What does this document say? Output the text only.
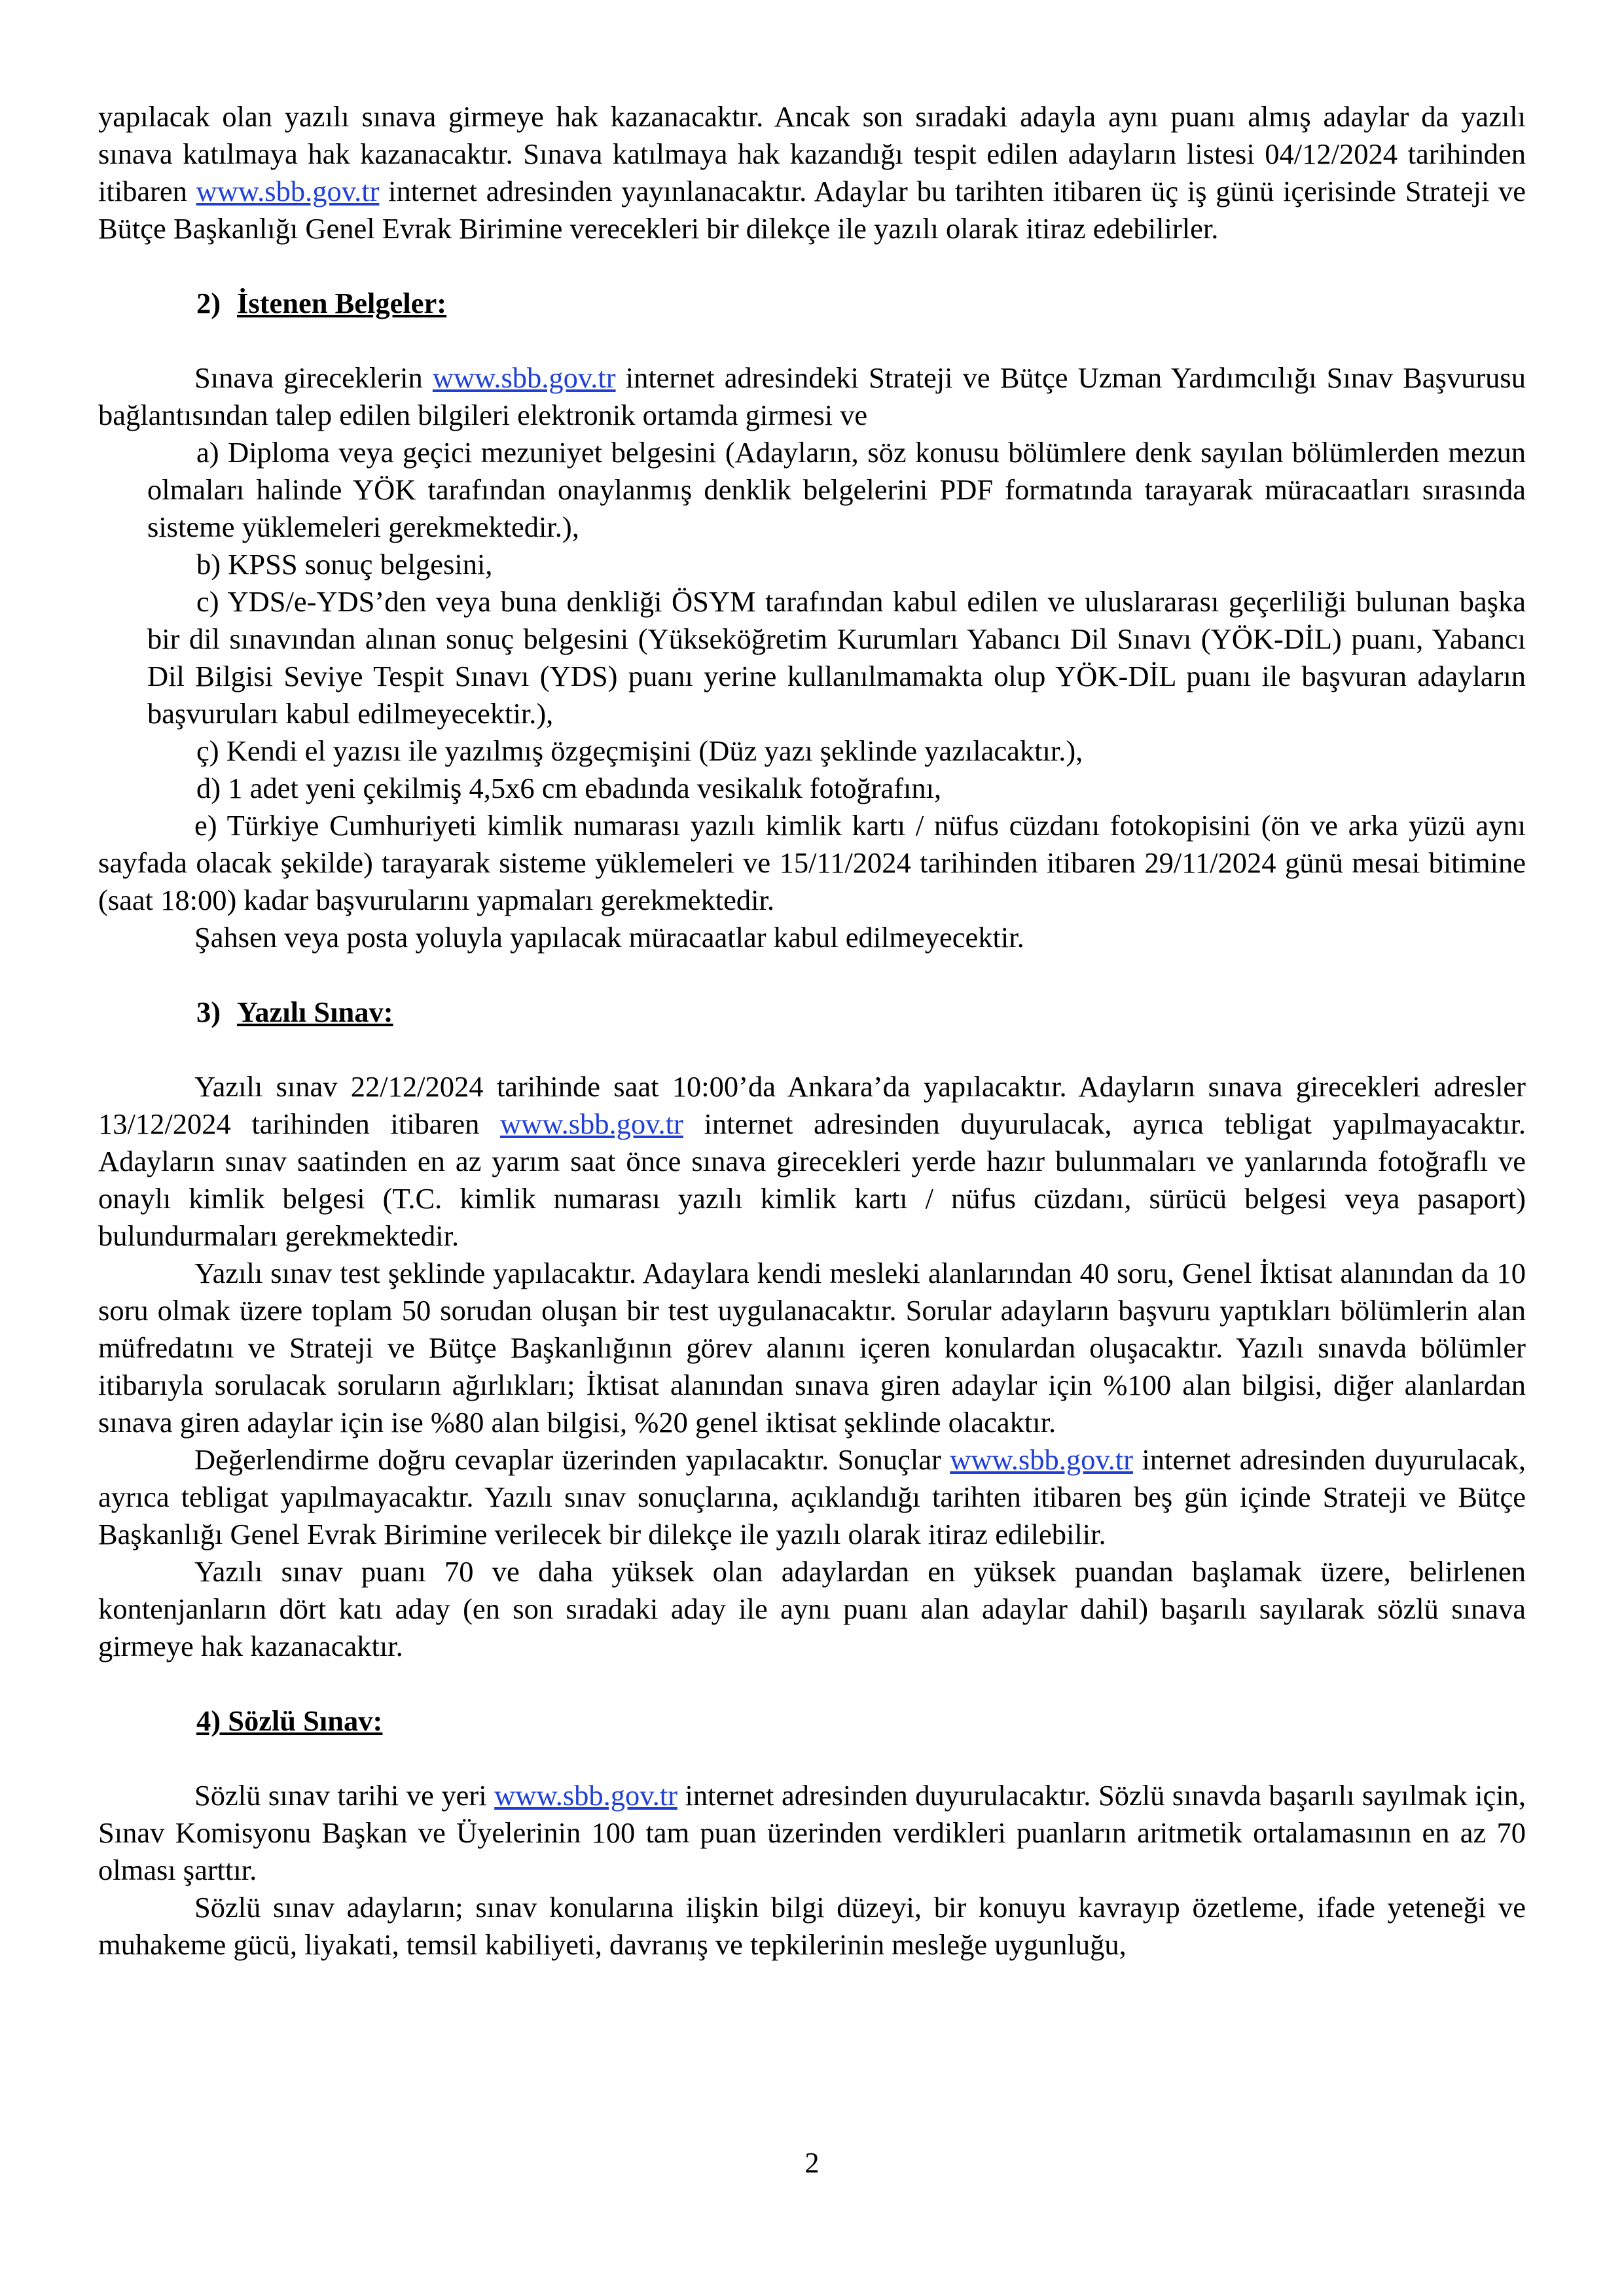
yapılacak olan yazılı sınava girmeye hak kazanacaktır. Ancak son sıradaki adayla aynı puanı almış adaylar da yazılı sınava katılmaya hak kazanacaktır. Sınava katılmaya hak kazandığı tespit edilen adayların listesi 04/12/2024 tarihinden itibaren www.sbb.gov.tr internet adresinden yayınlanacaktır. Adaylar bu tarihten itibaren üç iş günü içerisinde Strateji ve Bütçe Başkanlığı Genel Evrak Birimine verecekleri bir dilekçe ile yazılı olarak itiraz edebilirler.

2) İstenen Belgeler:

Sınava gireceklerin www.sbb.gov.tr internet adresindeki Strateji ve Bütçe Uzman Yardımcılığı Sınav Başvurusu bağlantısından talep edilen bilgileri elektronik ortamda girmesi ve

a) Diploma veya geçici mezuniyet belgesini (Adayların, söz konusu bölümlere denk sayılan bölümlerden mezun olmaları halinde YÖK tarafından onaylanmış denklik belgelerini PDF formatında tarayarak müracaatları sırasında sisteme yüklemeleri gerekmektedir.),

b) KPSS sonuç belgesini,

c) YDS/e-YDS’den veya buna denkliği ÖSYM tarafından kabul edilen ve uluslararası geçerliliği bulunan başka bir dil sınavından alınan sonuç belgesini (Yükseköğretim Kurumları Yabancı Dil Sınavı (YÖK-DİL) puanı, Yabancı Dil Bilgisi Seviye Tespit Sınavı (YDS) puanı yerine kullanılmamakta olup YÖK-DİL puanı ile başvuran adayların başvuruları kabul edilmeyecektir.),

ç) Kendi el yazısı ile yazılmış özgeçmişini (Düz yazı şeklinde yazılacaktır.),

d) 1 adet yeni çekilmiş 4,5x6 cm ebadında vesikalık fotoğrafını,

e) Türkiye Cumhuriyeti kimlik numarası yazılı kimlik kartı / nüfus cüzdanı fotokopisini (ön ve arka yüzü aynı sayfada olacak şekilde) tarayarak sisteme yüklemeleri ve 15/11/2024 tarihinden itibaren 29/11/2024 günü mesai bitimine (saat 18:00) kadar başvurularını yapmaları gerekmektedir.

Şahsen veya posta yoluyla yapılacak müracaatlar kabul edilmeyecektir.

3) Yazılı Sınav:

Yazılı sınav 22/12/2024 tarihinde saat 10:00’da Ankara’da yapılacaktır. Adayların sınava girecekleri adresler 13/12/2024 tarihinden itibaren www.sbb.gov.tr internet adresinden duyurulacak, ayrıca tebligat yapılmayacaktır. Adayların sınav saatinden en az yarım saat önce sınava girecekleri yerde hazır bulunmaları ve yanlarında fotoğraflı ve onaylı kimlik belgesi (T.C. kimlik numarası yazılı kimlik kartı / nüfus cüzdanı, sürücü belgesi veya pasaport) bulundurmaları gerekmektedir.

Yazılı sınav test şeklinde yapılacaktır. Adaylara kendi mesleki alanlarından 40 soru, Genel İktisat alanından da 10 soru olmak üzere toplam 50 sorudan oluşan bir test uygulanacaktır. Sorular adayların başvuru yaptıkları bölümlerin alan müfredatını ve Strateji ve Bütçe Başkanlığının görev alanını içeren konulardan oluşacaktır. Yazılı sınavda bölümler itibarıyla sorulacak soruların ağırlıkları; İktisat alanından sınava giren adaylar için %100 alan bilgisi, diğer alanlardan sınava giren adaylar için ise %80 alan bilgisi, %20 genel iktisat şeklinde olacaktır.

Değerlendirme doğru cevaplar üzerinden yapılacaktır. Sonuçlar www.sbb.gov.tr internet adresinden duyurulacak, ayrıca tebligat yapılmayacaktır. Yazılı sınav sonuçlarına, açıklandığı tarihten itibaren beş gün içinde Strateji ve Bütçe Başkanlığı Genel Evrak Birimine verilecek bir dilekçe ile yazılı olarak itiraz edilebilir.

Yazılı sınav puanı 70 ve daha yüksek olan adaylardan en yüksek puandan başlamak üzere, belirlenen kontenjanların dört katı aday (en son sıradaki aday ile aynı puanı alan adaylar dahil) başarılı sayılarak sözlü sınava girmeye hak kazanacaktır.

4) Sözlü Sınav:

Sözlü sınav tarihi ve yeri www.sbb.gov.tr internet adresinden duyurulacaktır. Sözlü sınavda başarılı sayılmak için, Sınav Komisyonu Başkan ve Üyelerinin 100 tam puan üzerinden verdikleri puanların aritmetik ortalamasının en az 70 olması şarttır.

Sözlü sınav adayların; sınav konularına ilişkin bilgi düzeyi, bir konuyu kavrayıp özetleme, ifade yeteneği ve muhakeme gücü, liyakati, temsil kabiliyeti, davranış ve tepkilerinin mesleğe uygunluğu,

2
